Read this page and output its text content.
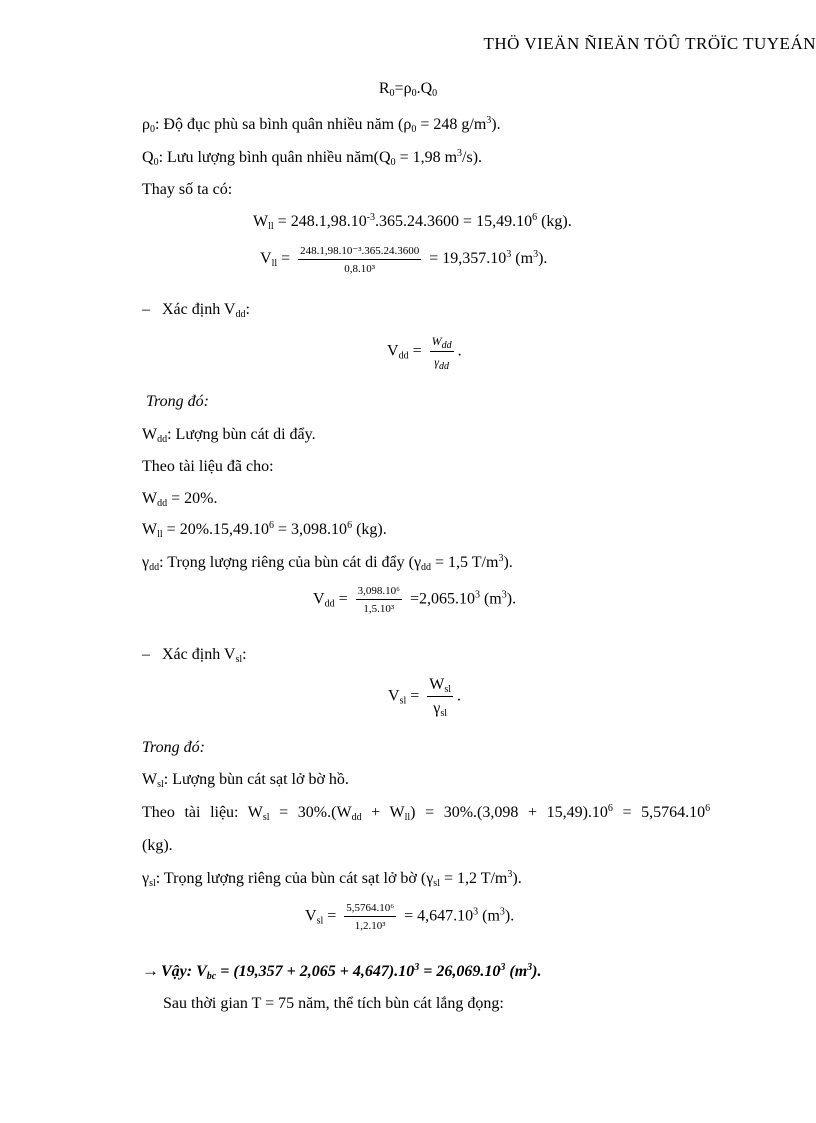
THÖ VIEÄN ÑIEÄN TÖÛ TRÖÏC TUYEÁN
$R_0=\rho_0.Q_0$
$\rho_0$: Độ đục phù sa bình quân nhiều năm ($\rho_0 = 248$ $g/m^3$).
$Q_0$: Lưu lượng bình quân nhiều $năm(Q_0 = 1,98$ $m^3/s$).
Thay số ta có:
$W_{ll} = 248.1,98.10^{-3}.365.24.3600 = 15,49.10^6$ (kg).
$V_{ll} = \frac{\text{248.1,98.10⁻³.365.24.3600}}{\text{0,8.10³}} = 19,357.10^3$ $(m^3)$.
– Xác định $V_{dd}$:
$V_{dd} = \frac{W_{dd}}{\gamma_{dd}}$ .
Trong đó:
$W_{dd}$: Lượng bùn cát di đẩy.
Theo tài liệu đã cho:
$W_{dd} = 20\%$.
$W_{ll} = 20\%.15,49.10^6 = 3,098.10^6$ (kg).
$\gamma_{dd}$: Trọng lượng riêng của bùn cát di đẩy ($\gamma_{dd} = 1,5$ $T/m^3$).
$V_{dd} = \frac{\text{3,098.10⁶}}{\text{1,5.10³}} =2,065.10^3$ $(m^3)$.
– Xác định $V_{sl}$:
$V_{sl} = \frac{W_{sl}}{\gamma_{sl}}$ .
Trong đó:
$W_{sl}$: Lượng bùn cát sạt lở bờ hồ.
Theo tài liệu: $W_{sl} = 30\%.(W_{dd} + W_{ll}) = 30\%.(3,098 + 15,49).10^6 = 5,5764.10^6$
(kg).
$\gamma_{sl}$: Trọng lượng riêng của bùn cát sạt lở bờ ($\gamma_{sl} = 1,2$ $T/m^3$).
$V_{sl} = \frac{\text{5,5764.10⁶}}{\text{1,2.10³}} = 4,647.10^3$ $(m^3)$.
→ Vậy: $V_{bc} = (19,357 + 2,065 + 4,647).10^3 = 26,069.10^3$ $(m^3)$.
Sau thời gian T = 75 năm, thể tích bùn cát lắng đọng:
